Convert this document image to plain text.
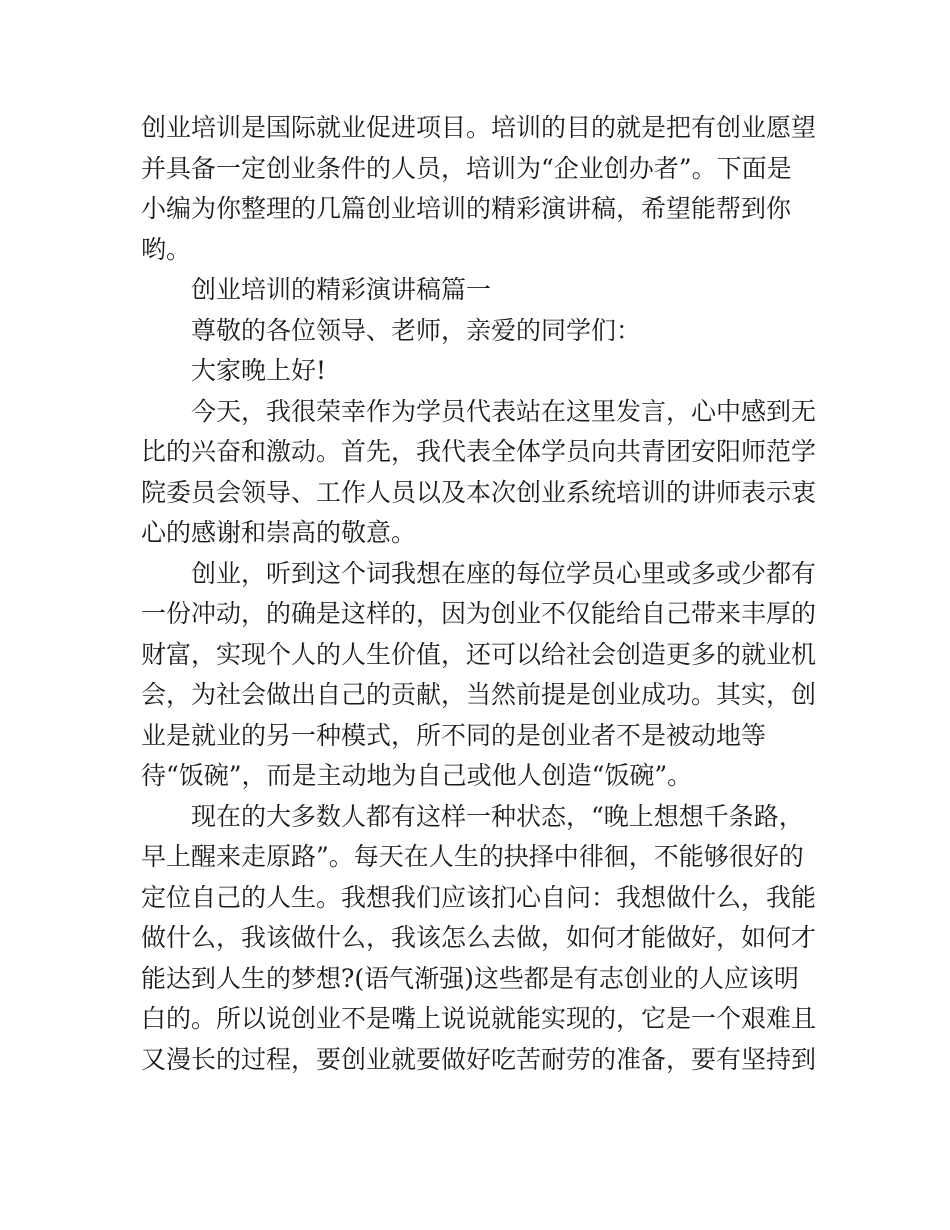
创业培训是国际就业促进项目。培训的目的就是把有创业愿望
并具备一定创业条件的人员，培训为“企业创办者”。下面是
小编为你整理的几篇创业培训的精彩演讲稿，希望能帮到你
哟。
创业培训的精彩演讲稿篇一
尊敬的各位领导、老师，亲爱的同学们：
大家晚上好!
今天，我很荣幸作为学员代表站在这里发言，心中感到无
比的兴奋和激动。首先，我代表全体学员向共青团安阳师范学
院委员会领导、工作人员以及本次创业系统培训的讲师表示衷
心的感谢和崇高的敬意。
创业，听到这个词我想在座的每位学员心里或多或少都有
一份冲动，的确是这样的，因为创业不仅能给自己带来丰厚的
财富，实现个人的人生价值，还可以给社会创造更多的就业机
会，为社会做出自己的贡献，当然前提是创业成功。其实，创
业是就业的另一种模式，所不同的是创业者不是被动地等
待“饭碗”，而是主动地为自己或他人创造“饭碗”。
现在的大多数人都有这样一种状态，“晚上想想千条路，
早上醒来走原路”。每天在人生的抉择中徘徊，不能够很好的
定位自己的人生。我想我们应该扪心自问：我想做什么，我能
做什么，我该做什么，我该怎么去做，如何才能做好，如何才
能达到人生的梦想?(语气渐强)这些都是有志创业的人应该明
白的。所以说创业不是嘴上说说就能实现的，它是一个艰难且
又漫长的过程，要创业就要做好吃苦耐劳的准备，要有坚持到
